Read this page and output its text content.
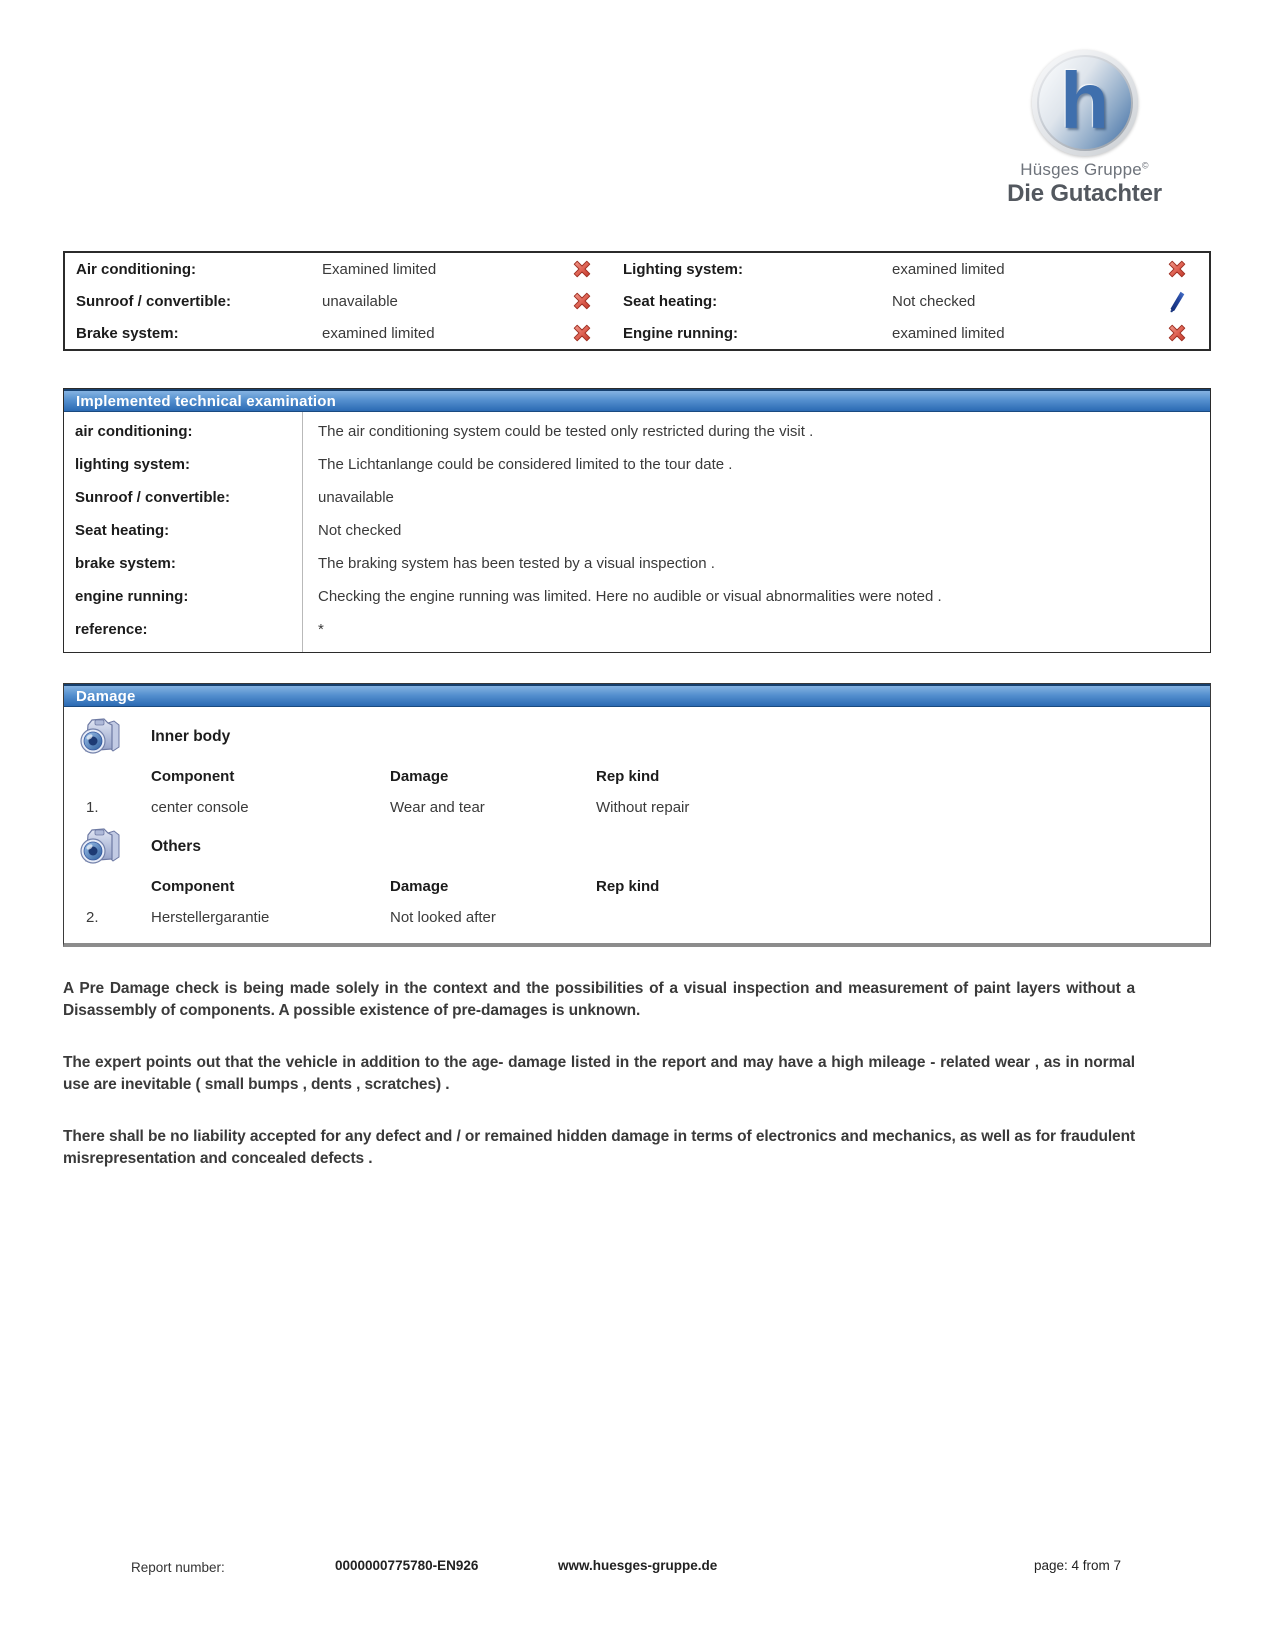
h
Hüsges Gruppe©
Die Gutachter
Air conditioning:	Examined limited	Lighting system:	examined limited
Sunroof / convertible:	unavailable	Seat heating:	Not checked
Brake system:	examined limited	Engine running:	examined limited
Implemented technical examination
air conditioning:	The air conditioning system could be tested only restricted during the visit .
lighting system:	The Lichtanlange could be considered limited to the tour date .
Sunroof / convertible:	unavailable
Seat heating:	Not checked
brake system:	The braking system has been tested by a visual inspection .
engine running:	Checking the engine running was limited. Here no audible or visual abnormalities were noted .
reference:	*
Damage
Inner body
Component	Damage	Rep kind
1.	center console	Wear and tear	Without repair
Others
Component	Damage	Rep kind
2.	Herstellergarantie	Not looked after

A Pre Damage check is being made solely in the context and the possibilities of a visual inspection and measurement of paint layers without a Disassembly of components. A possible existence of pre-damages is unknown.

The expert points out that the vehicle in addition to the age- damage listed in the report and may have a high mileage - related wear , as in normal use are inevitable ( small bumps , dents , scratches) .

There shall be no liability accepted for any defect and / or remained hidden damage in terms of electronics and mechanics, as well as for fraudulent misrepresentation and concealed defects .

Report number:	0000000775780-EN926	www.huesges-gruppe.de	page: 4 from 7
